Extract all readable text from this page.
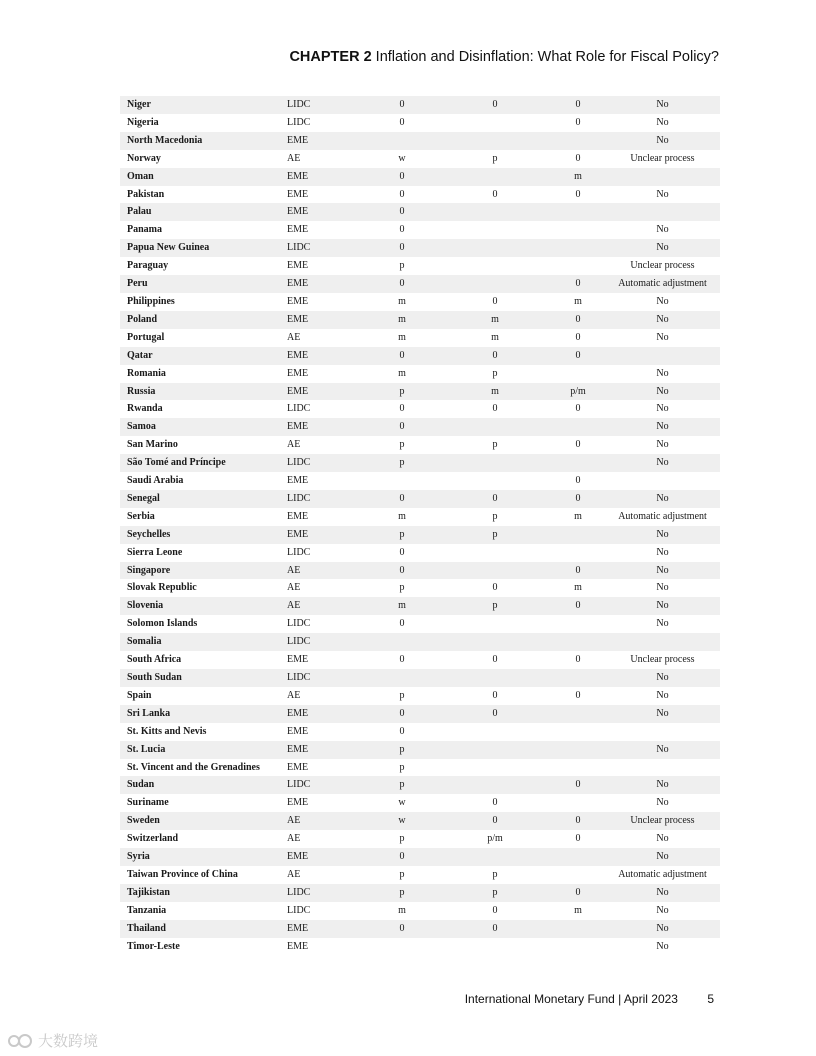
CHAPTER 2 Inflation and Disinflation: What Role for Fiscal Policy?
Niger	LIDC	0	0	0	No
Nigeria	LIDC	0		0	No
North Macedonia	EME				No
Norway	AE	w	p	0	Unclear process
Oman	EME	0		m	
Pakistan	EME	0	0	0	No
Palau	EME	0			
Panama	EME	0			No
Papua New Guinea	LIDC	0			No
Paraguay	EME	p			Unclear process
Peru	EME	0		0	Automatic adjustment
Philippines	EME	m	0	m	No
Poland	EME	m	m	0	No
Portugal	AE	m	m	0	No
Qatar	EME	0	0	0	
Romania	EME	m	p		No
Russia	EME	p	m	p/m	No
Rwanda	LIDC	0	0	0	No
Samoa	EME	0			No
San Marino	AE	p	p	0	No
São Tomé and Príncipe	LIDC	p			No
Saudi Arabia	EME			0	
Senegal	LIDC	0	0	0	No
Serbia	EME	m	p	m	Automatic adjustment
Seychelles	EME	p	p		No
Sierra Leone	LIDC	0			No
Singapore	AE	0		0	No
Slovak Republic	AE	p	0	m	No
Slovenia	AE	m	p	0	No
Solomon Islands	LIDC	0			No
Somalia	LIDC				
South Africa	EME	0	0	0	Unclear process
South Sudan	LIDC				No
Spain	AE	p	0	0	No
Sri Lanka	EME	0	0		No
St. Kitts and Nevis	EME	0			
St. Lucia	EME	p			No
St. Vincent and the Grenadines	EME	p			
Sudan	LIDC	p		0	No
Suriname	EME	w	0		No
Sweden	AE	w	0	0	Unclear process
Switzerland	AE	p	p/m	0	No
Syria	EME	0			No
Taiwan Province of China	AE	p	p		Automatic adjustment
Tajikistan	LIDC	p	p	0	No
Tanzania	LIDC	m	0	m	No
Thailand	EME	0	0		No
Timor-Leste	EME				No
International Monetary Fund | April 2023 5
大数跨境
